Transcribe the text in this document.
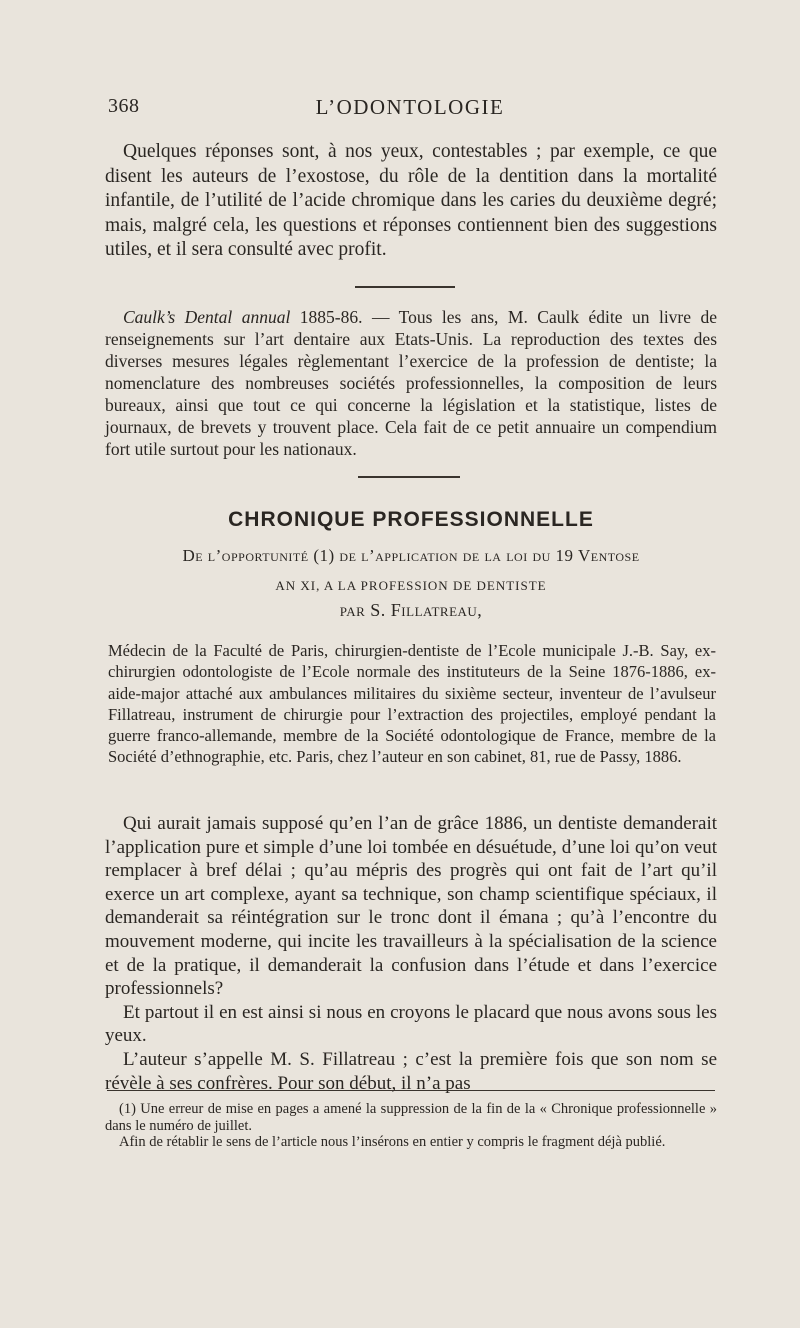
368	L’ODONTOLOGIE

Quelques réponses sont, à nos yeux, contestables ; par exemple, ce que disent les auteurs de l’exostose, du rôle de la dentition dans la mortalité infantile, de l’utilité de l’acide chromique dans les caries du deuxième degré; mais, malgré cela, les questions et réponses contiennent bien des suggestions utiles, et il sera consulté avec profit.

Caulk’s Dental annual 1885-86. — Tous les ans, M. Caulk édite un livre de renseignements sur l’art dentaire aux Etats-Unis. La reproduction des textes des diverses mesures légales règlementant l’exercice de la profession de dentiste; la nomenclature des nombreuses sociétés professionnelles, la composition de leurs bureaux, ainsi que tout ce qui concerne la législation et la statistique, listes de journaux, de brevets y trouvent place. Cela fait de ce petit annuaire un compendium fort utile surtout pour les nationaux.

CHRONIQUE PROFESSIONNELLE
De l’opportunité (1) de l’application de la loi du 19 Ventose
AN XI, A LA PROFESSION DE DENTISTE
par S. Fillatreau,

Médecin de la Faculté de Paris, chirurgien-dentiste de l’Ecole municipale J.-B. Say, ex-chirurgien odontologiste de l’Ecole normale des instituteurs de la Seine 1876-1886, ex-aide-major attaché aux ambulances militaires du sixième secteur, inventeur de l’avulseur Fillatreau, instrument de chirurgie pour l’extraction des projectiles, employé pendant la guerre franco-allemande, membre de la Société odontologique de France, membre de la Société d’ethnographie, etc. Paris, chez l’auteur en son cabinet, 81, rue de Passy, 1886.

Qui aurait jamais supposé qu’en l’an de grâce 1886, un dentiste demanderait l’application pure et simple d’une loi tombée en désuétude, d’une loi qu’on veut remplacer à bref délai ; qu’au mépris des progrès qui ont fait de l’art qu’il exerce un art complexe, ayant sa technique, son champ scientifique spéciaux, il demanderait sa réintégration sur le tronc dont il émana ; qu’à l’encontre du mouvement moderne, qui incite les travailleurs à la spécialisation de la science et de la pratique, il demanderait la confusion dans l’étude et dans l’exercice professionnels?

Et partout il en est ainsi si nous en croyons le placard que nous avons sous les yeux.

L’auteur s’appelle M. S. Fillatreau ; c’est la première fois que son nom se révèle à ses confrères. Pour son début, il n’a pas

(1) Une erreur de mise en pages a amené la suppression de la fin de la « Chronique professionnelle » dans le numéro de juillet.

Afin de rétablir le sens de l’article nous l’insérons en entier y compris le fragment déjà publié.
